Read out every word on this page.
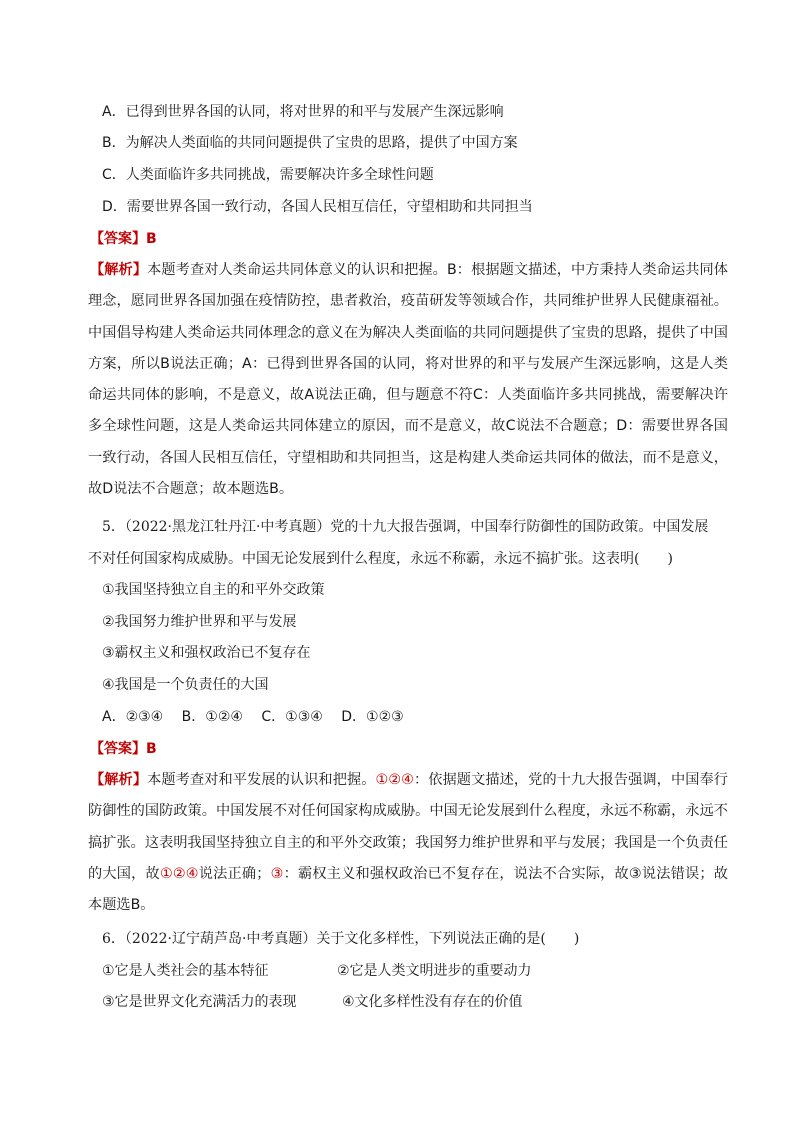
A．已得到世界各国的认同，将对世界的和平与发展产生深远影响
B．为解决人类面临的共同问题提供了宝贵的思路，提供了中国方案
C．人类面临许多共同挑战，需要解决许多全球性问题
D．需要世界各国一致行动，各国人民相互信任，守望相助和共同担当
【答案】B
【解析】本题考查对人类命运共同体意义的认识和把握。B：根据题文描述，中方秉持人类命运共同体理念，愿同世界各国加强在疫情防控，患者救治，疫苗研发等领域合作，共同维护世界人民健康福祉。中国倡导构建人类命运共同体理念的意义在为解决人类面临的共同问题提供了宝贵的思路，提供了中国方案，所以B说法正确；A：已得到世界各国的认同，将对世界的和平与发展产生深远影响，这是人类命运共同体的影响，不是意义，故A说法正确，但与题意不符C：人类面临许多共同挑战，需要解决许多全球性问题，这是人类命运共同体建立的原因，而不是意义，故C说法不合题意；D：需要世界各国一致行动，各国人民相互信任，守望相助和共同担当，这是构建人类命运共同体的做法，而不是意义，故D说法不合题意；故本题选B。
5．（2022·黑龙江牡丹江·中考真题）党的十九大报告强调，中国奉行防御性的国防政策。中国发展
不对任何国家构成威胁。中国无论发展到什么程度，永远不称霸，永远不搞扩张。这表明(　　)
①我国坚持独立自主的和平外交政策
②我国努力维护世界和平与发展
③霸权主义和强权政治已不复存在
④我国是一个负责任的大国
A．②③④　 B．①②④　 C．①③④　 D．①②③
【答案】B
【解析】本题考查对和平发展的认识和把握。①②④：依据题文描述，党的十九大报告强调，中国奉行防御性的国防政策。中国发展不对任何国家构成威胁。中国无论发展到什么程度，永远不称霸，永远不搞扩张。这表明我国坚持独立自主的和平外交政策；我国努力维护世界和平与发展；我国是一个负责任的大国，故①②④说法正确；③：霸权主义和强权政治已不复存在，说法不合实际，故③说法错误；故本题选B。
6．（2022·辽宁葫芦岛·中考真题）关于文化多样性，下列说法正确的是(　　)
①它是人类社会的基本特征	②它是人类文明进步的重要动力
③它是世界文化充满活力的表现	④文化多样性没有存在的价值
